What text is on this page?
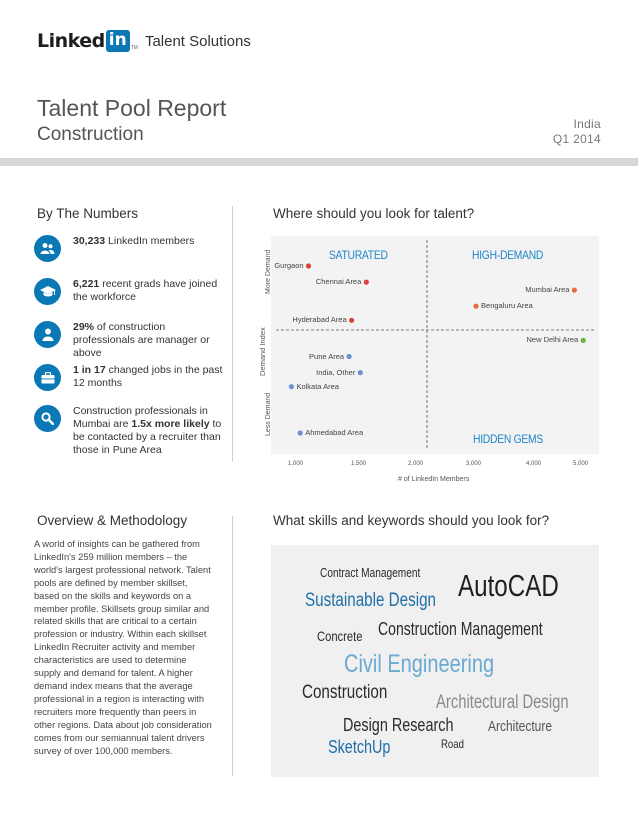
Linked in TM Talent Solutions
Talent Pool Report
Construction	India
Q1 2014
By The Numbers
30,233 LinkedIn members
6,221 recent grads have joined the workforce
29% of construction professionals are manager or above
1 in 17 changed jobs in the past 12 months
Construction professionals in Mumbai are 1.5x more likely to be contacted by a recruiter than those in Pune Area
Where should you look for talent?
SATURATED	HIGH-DEMAND
HIDDEN GEMS
More Demand
Demand Index
Less Demand
1,000	1,500	2,000	3,000	4,000	5,000
# of LinkedIn Members
Gurgaon
Chennai Area
Mumbai Area
Bengaluru Area
Hyderabad Area
New Delhi Area
Pune Area
India, Other
Kolkata Area
Ahmedabad Area
Overview & Methodology
A world of insights can be gathered from LinkedIn's 259 million members – the world's largest professional network. Talent pools are defined by member skillset, based on the skills and keywords on a member profile. Skillsets group similar and related skills that are critical to a certain profession or industry. Within each skillset LinkedIn Recruiter activity and member characteristics are used to determine supply and demand for talent. A higher demand index means that the average professional in a region is interacting with recruiters more frequently than peers in other regions. Data about job consideration comes from our semiannual talent drivers survey of over 100,000 members.
What skills and keywords should you look for?
Contract Management AutoCAD
Sustainable Design
Concrete Construction Management
Civil Engineering
Construction	Architectural Design
Design Research Architecture
SketchUp	Road
